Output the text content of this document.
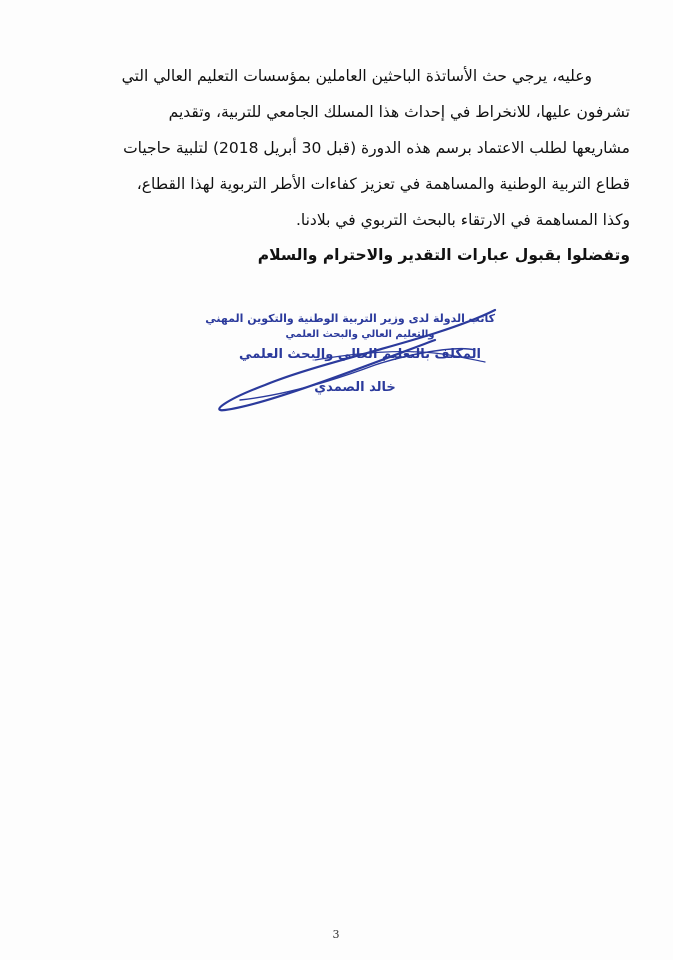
وعليه، يرجي حث الأساتذة الباحثين العاملين بمؤسسات التعليم العالي التي

تشرفون عليها، للانخراط في إحداث هذا المسلك الجامعي للتربية، وتقديم

مشاريعها لطلب الاعتماد برسم هذه الدورة (قبل 30 أبريل 2018) لتلبية حاجيات

قطاع التربية الوطنية والمساهمة في تعزيز كفاءات الأطر التربوية لهذا القطاع،

وكذا المساهمة في الارتقاء بالبحث التربوي في بلادنا.

وتفضلوا بقبول عبارات التقدير والاحترام والسلام
كاتب الدولة لدى وزير التربية الوطنية والتكوين المهني
والتعليم العالي والبحث العلمي
المكلف بالتعليم العالي والبحث العلمي
خالد الصمدي
3
